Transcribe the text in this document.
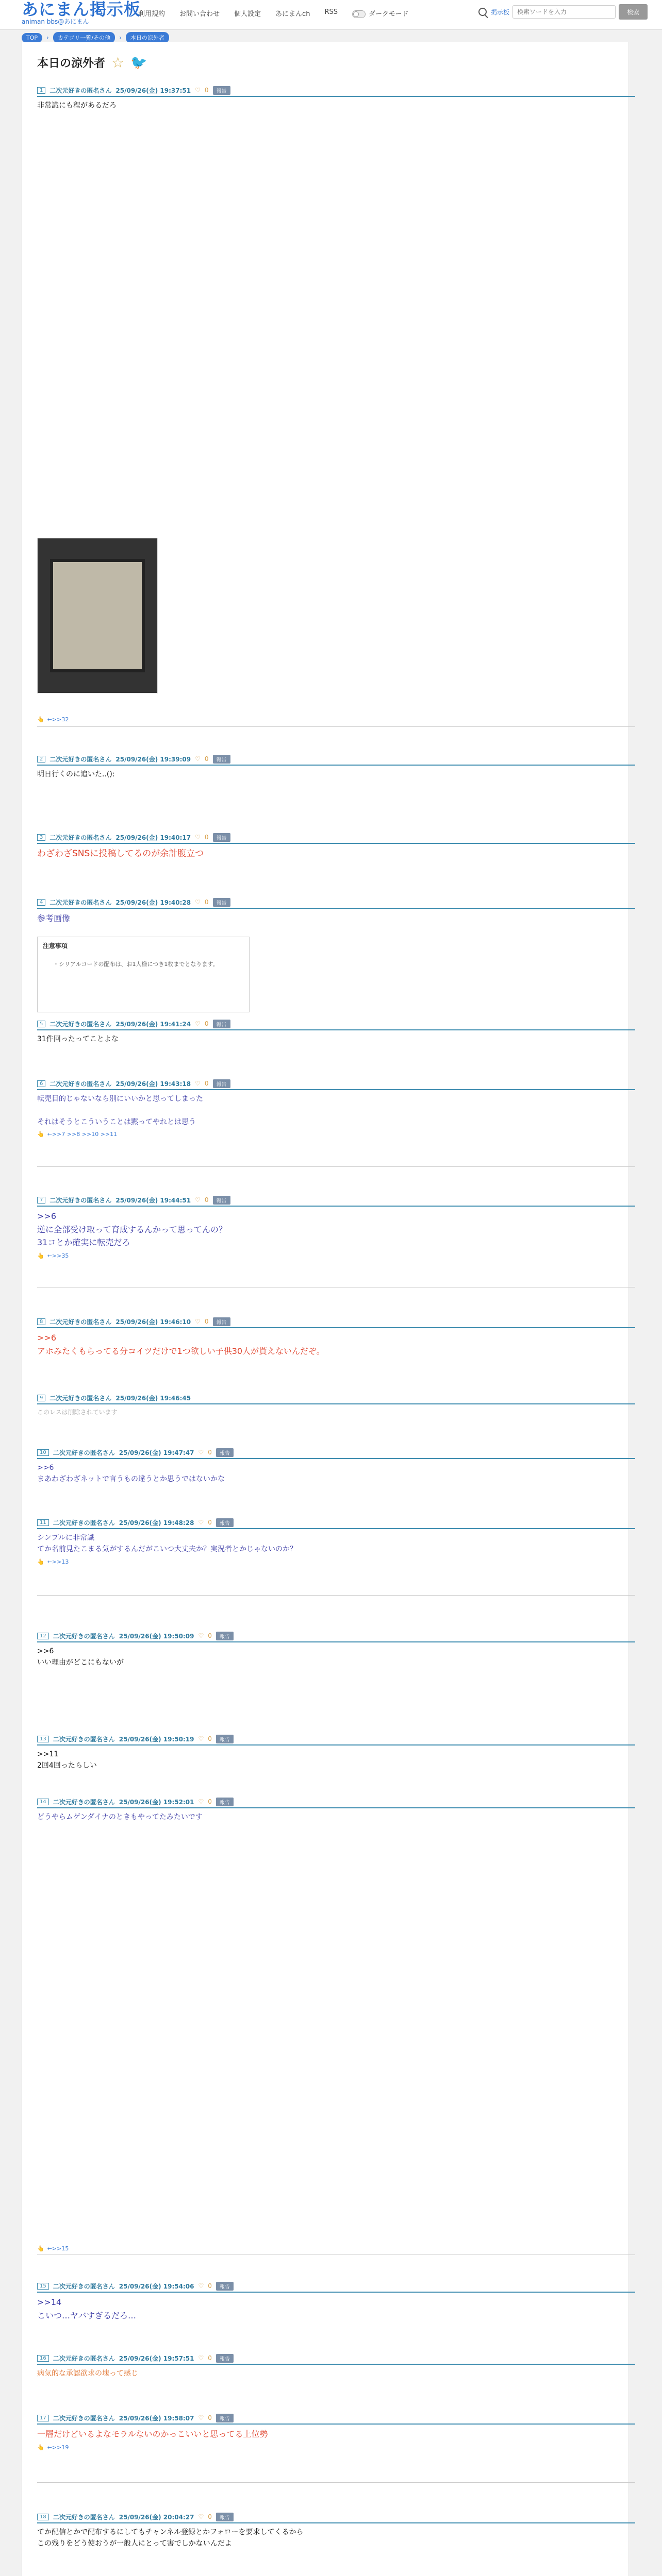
あにまん掲示板
animan bbs@あにまん
利用規約 お問い合わせ 個人設定 あにまんch RSS	ダークモード	掲示板
検索ワードを入力	検索
TOP	›	カテゴリ一覧/その他	›	本日の涼外者
本日の涼外者 ☆ 🐦
1	二次元好きの匿名さん 25/09/26(金) 19:37:51 ♡ 0	報告
非常識にも程があるだろ
👆 ←>>32
2	二次元好きの匿名さん 25/09/26(金) 19:39:09 ♡ 0	報告
明日行くのに追いた..():
3	二次元好きの匿名さん 25/09/26(金) 19:40:17 ♡ 0	報告
わざわざSNSに投稿してるのが余計腹立つ
4	二次元好きの匿名さん 25/09/26(金) 19:40:28 ♡ 0	報告
参考画像
注意事項
・シリアルコードの配布は、お1人様につき1枚までとなります。
5	二次元好きの匿名さん 25/09/26(金) 19:41:24 ♡ 0	報告
31件回ったってことよな
6	二次元好きの匿名さん 25/09/26(金) 19:43:18 ♡ 0	報告
転売目的じゃないなら別にいいかと思ってしまった

それはそうとこういうことは黙ってやれとは思う
👆 ←>>7 >>8 >>10 >>11
7	二次元好きの匿名さん 25/09/26(金) 19:44:51 ♡ 0	報告
>>6
逆に全部受け取って育成するんかって思ってんの？
31コとか確実に転売だろ
👆 ←>>35
8	二次元好きの匿名さん 25/09/26(金) 19:46:10 ♡ 0	報告
>>6
アホみたくもらってる分コイツだけで1つ欲しい子供30人が貰えないんだぞ。
9	二次元好きの匿名さん 25/09/26(金) 19:46:45
このレスは削除されています
10	二次元好きの匿名さん 25/09/26(金) 19:47:47 ♡ 0	報告
>>6
まあわざわざネットで言うもの違うとか思うではないかな
11	二次元好きの匿名さん 25/09/26(金) 19:48:28 ♡ 0	報告
シンプルに非常識
てか名前見たこまる気がするんだがこいつ大丈夫か？実況者とかじゃないのか？
👆 ←>>13
12	二次元好きの匿名さん 25/09/26(金) 19:50:09 ♡ 0	報告
>>6
いい理由がどこにもないが
13	二次元好きの匿名さん 25/09/26(金) 19:50:19 ♡ 0	報告
>>11
2回4回ったらしい
14	二次元好きの匿名さん 25/09/26(金) 19:52:01 ♡ 0	報告
どうやらムゲンダイナのときもやってたみたいです
👆 ←>>15
15	二次元好きの匿名さん 25/09/26(金) 19:54:06 ♡ 0	報告
>>14
こいつ…ヤバすぎるだろ…
16	二次元好きの匿名さん 25/09/26(金) 19:57:51 ♡ 0	報告
病気的な承認欲求の塊って感じ
17	二次元好きの匿名さん 25/09/26(金) 19:58:07 ♡ 0	報告
一層だけどいるよなモラルないのかっこいいと思ってる上位勢
👆 ←>>19
18	二次元好きの匿名さん 25/09/26(金) 20:04:27 ♡ 0	報告
てか配信とかで配布するにしてもチャンネル登録とかフォローを要求してくるから
この残りをどう使おうが一般人にとって害でしかないんだよ
